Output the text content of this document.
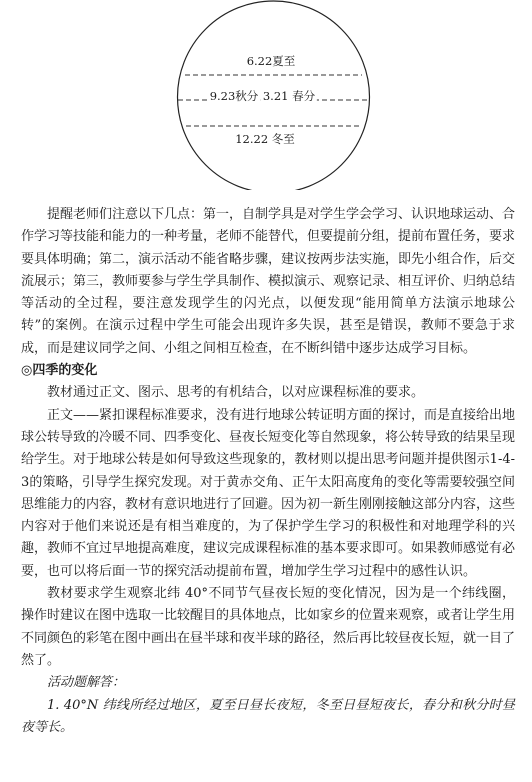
6.22夏至
9.23秋分 3.21 春分
12.22 冬至

提醒老师们注意以下几点：第一，自制学具是对学生学会学习、认识地球运动、合作学习等技能和能力的一种考量，老师不能替代，但要提前分组，提前布置任务，要求要具体明确；第二，演示活动不能省略步骤，建议按两步法实施，即先小组合作，后交流展示；第三，教师要参与学生学具制作、模拟演示、观察记录、相互评价、归纳总结等活动的全过程，要注意发现学生的闪光点，以便发现“能用简单方法演示地球公转”的案例。在演示过程中学生可能会出现许多失误，甚至是错误，教师不要急于求成，而是建议同学之间、小组之间相互检查，在不断纠错中逐步达成学习目标。

◎四季的变化

教材通过正文、图示、思考的有机结合，以对应课程标准的要求。

正文——紧扣课程标准要求，没有进行地球公转证明方面的探讨，而是直接给出地球公转导致的冷暖不同、四季变化、昼夜长短变化等自然现象，将公转导致的结果呈现给学生。对于地球公转是如何导致这些现象的，教材则以提出思考问题并提供图示1-4-3的策略，引导学生探究发现。对于黄赤交角、正午太阳高度角的变化等需要较强空间思维能力的内容，教材有意识地进行了回避。因为初一新生刚刚接触这部分内容，这些内容对于他们来说还是有相当难度的，为了保护学生学习的积极性和对地理学科的兴趣，教师不宜过早地提高难度，建议完成课程标准的基本要求即可。如果教师感觉有必要，也可以将后面一节的探究活动提前布置，增加学生学习过程中的感性认识。

教材要求学生观察北纬 40°不同节气昼夜长短的变化情况，因为是一个纬线圈，操作时建议在图中选取一比较醒目的具体地点，比如家乡的位置来观察，或者让学生用不同颜色的彩笔在图中画出在昼半球和夜半球的路径，然后再比较昼夜长短，就一目了然了。

活动题解答：

1. 40°N 纬线所经过地区，夏至日昼长夜短，冬至日昼短夜长，春分和秋分时昼夜等长。
